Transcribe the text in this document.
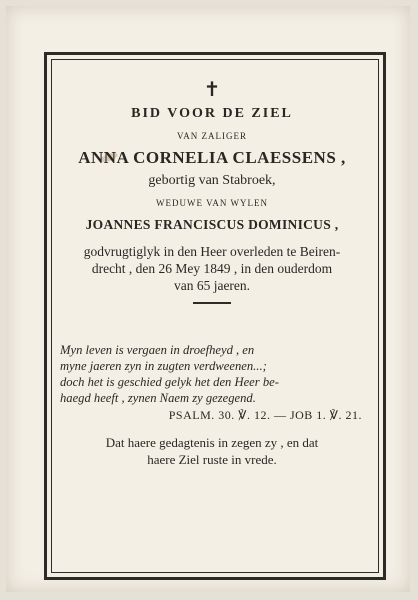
✝
BID VOOR DE ZIEL
VAN ZALIGER
ANNA CORNELIA CLAESSENS ,
gebortig van Stabroek,
WEDUWE VAN WYLEN
JOANNES FRANCISCUS DOMINICUS ,
godvrugtiglyk in den Heer overleden te Beiren-
drecht , den 26 Mey 1849 , in den ouderdom
van 65 jaeren.
Myn leven is vergaen in droefheyd , en
myne jaeren zyn in zugten verdweenen...;
doch het is geschied gelyk het den Heer be-
haegd heeft , zynen Naem zy gezegend.
PSALM. 30. ℣. 12. — JOB 1. ℣. 21.
Dat haere gedagtenis in zegen zy , en dat
haere Ziel ruste in vrede.
